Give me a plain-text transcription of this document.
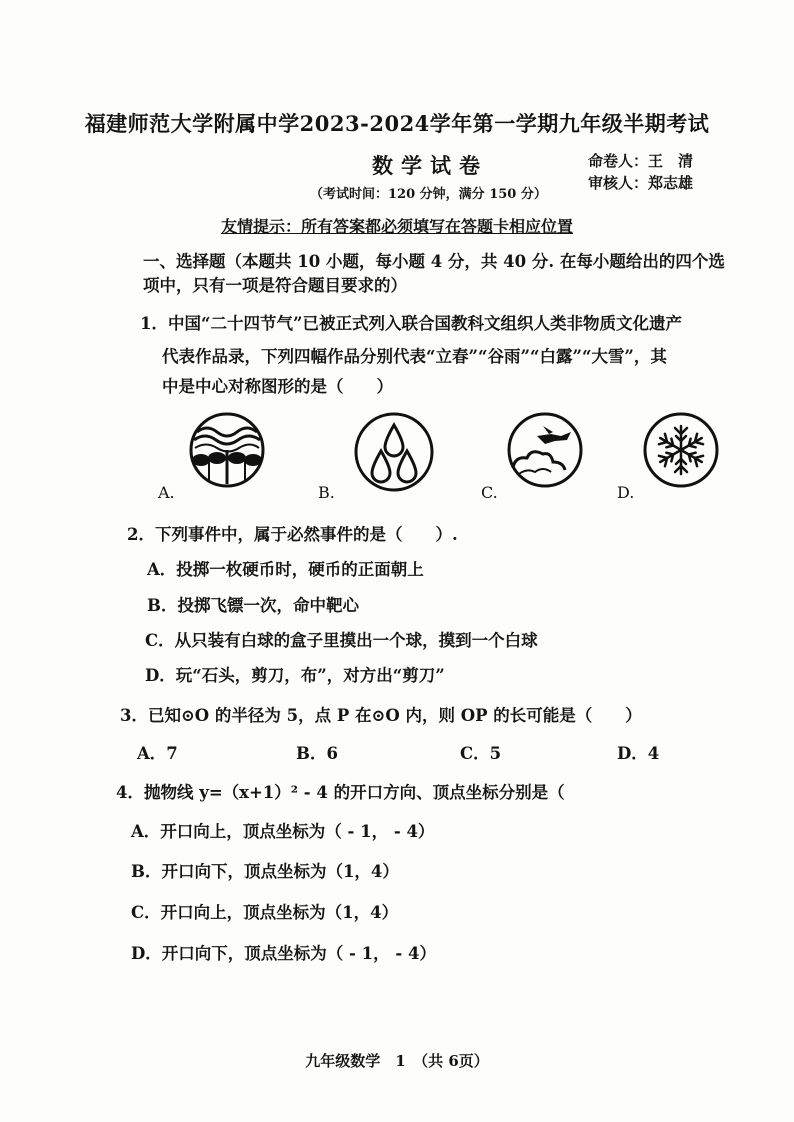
福建师范大学附属中学2023-2024学年第一学期九年级半期考试
数学试卷	命卷人：王　清
审核人：郑志雄
（考试时间：120 分钟，满分 150 分）
友情提示：所有答案都必须填写在答题卡相应位置
一、选择题（本题共 10 小题，每小题 4 分，共 40 分. 在每小题给出的四个选
项中，只有一项是符合题目要求的）
1．中国“二十四节气”已被正式列入联合国教科文组织人类非物质文化遗产
代表作品录，下列四幅作品分别代表“立春”“谷雨”“白露”“大雪”，其
中是中心对称图形的是（　　）
A.	B.	C.	D.
2．下列事件中，属于必然事件的是（　　）.
A．投掷一枚硬币时，硬币的正面朝上
B．投掷飞镖一次，命中靶心
C．从只装有白球的盒子里摸出一个球，摸到一个白球
D．玩“石头，剪刀，布”，对方出“剪刀”
3．已知⊙O 的半径为 5，点 P 在⊙O 内，则 OP 的长可能是（　　）
A．7	B．6	C．5	D．4
4．抛物线 y=（x+1）² - 4 的开口方向、顶点坐标分别是（
A．开口向上，顶点坐标为（ - 1， - 4）
B．开口向下，顶点坐标为（1，4）
C．开口向上，顶点坐标为（1，4）
D．开口向下，顶点坐标为（ - 1， - 4）
九年级数学　1　（共 6页）
